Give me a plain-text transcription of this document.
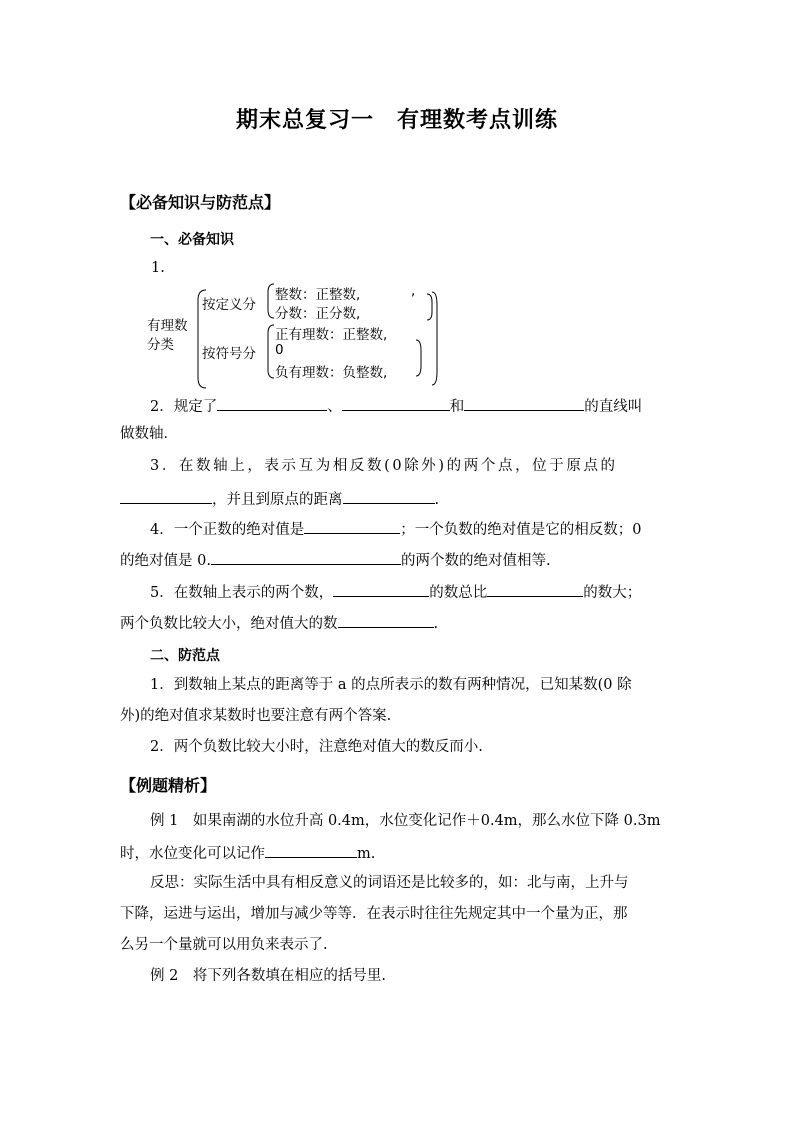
期末总复习一　有理数考点训练
【必备知识与防范点】
一、必备知识
1.
有理数
分类
按定义分
整数：正整数,	,
分数：正分数,
按符号分
正有理数：正整数,
0
负有理数：负整数,
2．规定了	、	和	的直线叫
做数轴．
3．在数轴上，表示互为相反数(0除外)的两个点，位于原点的
，并且到原点的距离	.
4．一个正数的绝对值是	；一个负数的绝对值是它的相反数；0
的绝对值是 0.	的两个数的绝对值相等.
5．在数轴上表示的两个数，	的数总比	的数大；
两个负数比较大小，绝对值大的数	.
二、防范点
1．到数轴上某点的距离等于 a 的点所表示的数有两种情况，已知某数(0 除
外)的绝对值求某数时也要注意有两个答案.
2．两个负数比较大小时，注意绝对值大的数反而小.
【例题精析】
例 1　如果南湖的水位升高 0.4m，水位变化记作＋0.4m，那么水位下降 0.3m
时，水位变化可以记作	m.
反思：实际生活中具有相反意义的词语还是比较多的，如：北与南，上升与
下降，运进与运出，增加与减少等等．在表示时往往先规定其中一个量为正，那
么另一个量就可以用负来表示了.
例 2　将下列各数填在相应的括号里.
